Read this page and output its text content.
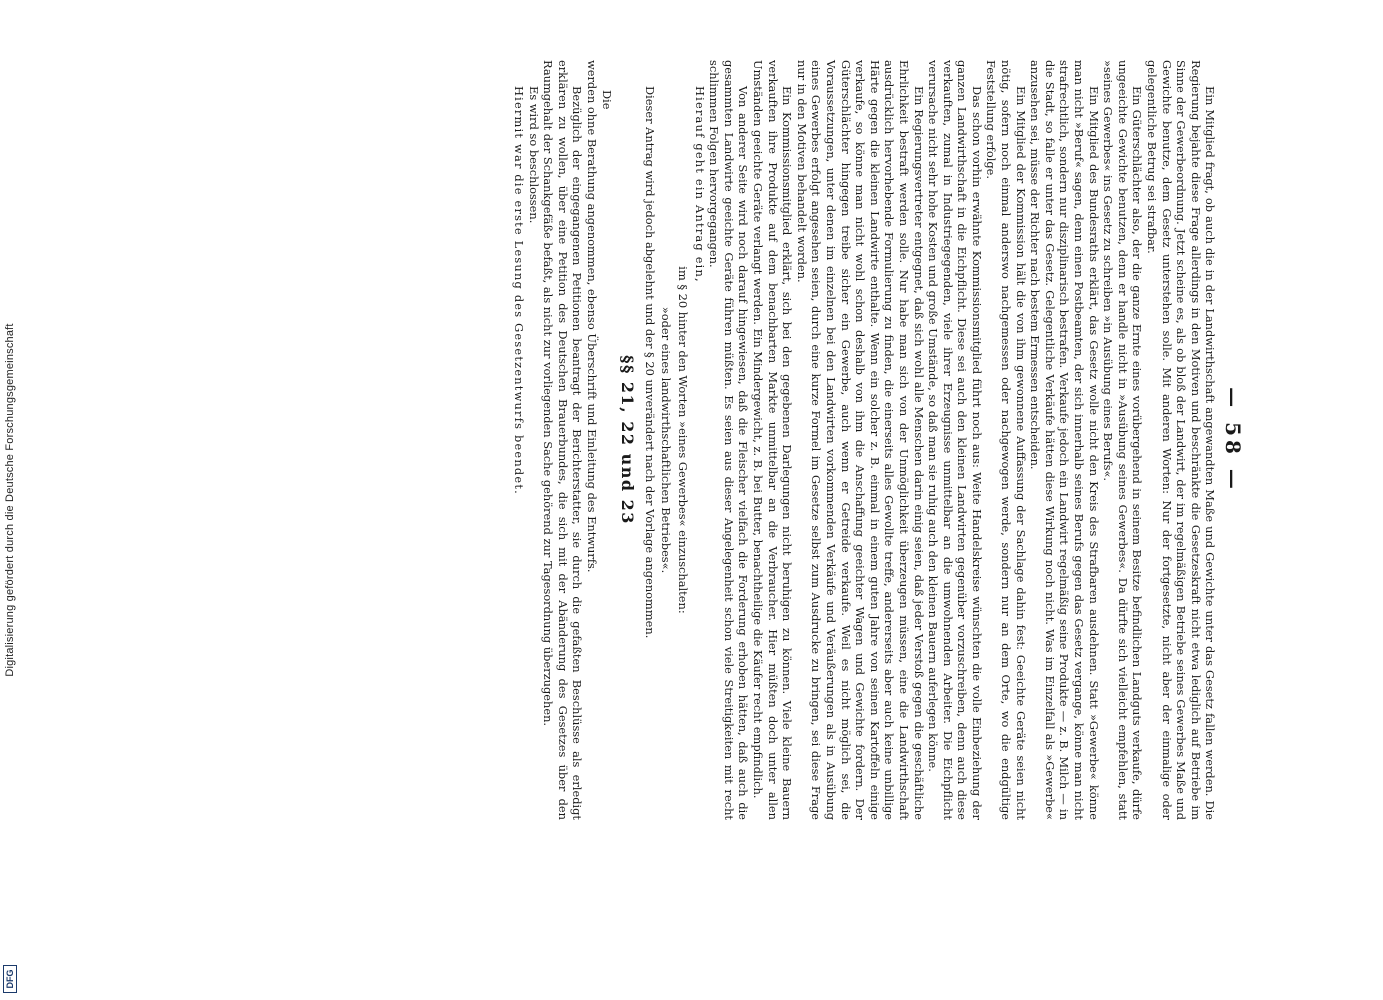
Digitalisierung gefördert durch die Deutsche Forschungsgemeinschaft
DFG
— 58 —

Ein Mitglied fragt, ob auch die in der Landwirthschaft angewandten Maße und Gewichte unter das Gesetz fallen werden. Die Regierung bejahte diese Frage allerdings in den Motiven und beschränkte die Gesetzeskraft nicht etwa lediglich auf Betriebe im Sinne der Gewerbeordnung. Jetzt scheine es, als ob bloß der Landwirt, der im regelmäßigen Betriebe seines Gewerbes Maße und Gewichte benutze, dem Gesetz unterstehen solle. Mit anderen Worten: Nur der fortgesetzte, nicht aber der einmalige oder gelegentliche Betrug sei strafbar.

Ein Güterschlächter also, der die ganze Ernte eines vorübergehend in seinem Besitze befindlichen Landguts verkaufe, dürfe ungeeichte Gewichte benutzen, denn er handle nicht in »Ausübung seines Gewerbes«. Da dürfte sich vielleicht empfehlen, statt »seines Gewerbes« ins Gesetz zu schreiben »in Ausübung eines Berufs«.

Ein Mitglied des Bundesraths erklärt, das Gesetz wolle nicht den Kreis des Strafbaren ausdehnen. Statt »Gewerbe« könne man nicht »Beruf« sagen, denn einen Postbeamten, der sich innerhalb seines Berufs gegen das Gesetz vergange, könne man nicht strafrechtlich, sondern nur disziplinarisch bestrafen. Verkaufe jedoch ein Landwirt regelmäßig seine Produkte — z. B. Milch — in die Stadt, so falle er unter das Gesetz. Gelegentliche Verkäufe hätten diese Wirkung noch nicht. Was im Einzelfall als »Gewerbe« anzusehen sei, müsse der Richter nach bestem Ermessen entscheiden.

Ein Mitglied der Kommission hält die von ihm gewonnene Auffassung der Sachlage dahin fest: Geeichte Geräte seien nicht nötig, sofern noch einmal anderswo nachgemessen oder nachgewogen werde, sondern nur an dem Orte, wo die endgültige Feststellung erfolge.

Das schon vorhin erwähnte Kommissionsmitglied führt noch aus: Weite Handelskreise wünschten die volle Einbeziehung der ganzen Landwirthschaft in die Eichpflicht. Diese sei auch den kleinen Landwirten gegenüber vorzuschreiben, denn auch diese verkauften, zumal in Industriegegenden, viele ihrer Erzeugnisse unmittelbar an die umwohnenden Arbeiter. Die Eichpflicht verursache nicht sehr hohe Kosten und große Umstände, so daß man sie ruhig auch den kleinen Bauern auferlegen könne.

Ein Regierungsvertreter entgegnet, daß sich wohl alle Menschen darin einig seien, daß jeder Verstoß gegen die geschäftliche Ehrlichkeit bestraft werden solle. Nur habe man sich von der Unmöglichkeit überzeugen müssen, eine die Landwirthschaft ausdrücklich hervorhebende Formulierung zu finden, die einerseits alles Gewollte treffe, andererseits aber auch keine unbillige Härte gegen die kleinen Landwirte enthalte. Wenn ein solcher z. B. einmal in einem guten Jahre von seinen Kartoffeln einige verkaufe, so könne man nicht wohl schon deshalb von ihm die Anschaffung geeichter Wagen und Gewichte fordern. Der Güterschlächter hingegen treibe sicher ein Gewerbe, auch wenn er Getreide verkaufe. Weil es nicht möglich sei, die Voraussetzungen, unter denen im einzelnen bei den Landwirten vorkommenden Verkäufe und Veräußerungen als in Ausübung eines Gewerbes erfolgt angesehen seien, durch eine kurze Formel im Gesetze selbst zum Ausdrucke zu bringen, sei diese Frage nur in den Motiven behandelt worden.

Ein Kommissionsmitglied erklärt, sich bei den gegebenen Darlegungen nicht beruhigen zu können. Viele kleine Bauern verkauften ihre Produkte auf dem benachbarten Markte unmittelbar an die Verbraucher. Hier müßten doch unter allen Umständen geeichte Geräte verlangt werden. Ein Mindergewicht, z. B. bei Butter, benachtheilige die Käufer recht empfindlich.

Von anderer Seite wird noch darauf hingewiesen, daß die Fleischer vielfach die Forderung erhoben hätten, daß auch die gesammten Landwirte geeichte Geräte führen müßten. Es seien aus dieser Angelegenheit schon viele Streitigkeiten mit recht schlimmen Folgen hervorgegangen.

Hierauf geht ein Antrag ein,

im § 20 hinter den Worten »eines Gewerbes« einzuschalten:

»oder eines landwirthschaftlichen Betriebes«.

Dieser Antrag wird jedoch abgelehnt und der § 20 unverändert nach der Vorlage angenommen.

§§ 21, 22 und 23
Die

werden ohne Berathung angenommen, ebenso Überschrift und Einleitung des Entwurfs.

Bezüglich der eingegangenen Petitionen beantragt der Berichterstatter, sie durch die gefaßten Beschlüsse als erledigt erklären zu wollen, über eine Petition des Deutschen Brauerbundes, die sich mit der Abänderung des Gesetzes über den Raumgehalt der Schankgefäße befaßt, als nicht zur vorliegenden Sache gehörend zur Tagesordnung überzugehen.

Es wird so beschlossen.

Hiermit war die erste Lesung des Gesetzentwurfs beendet.
